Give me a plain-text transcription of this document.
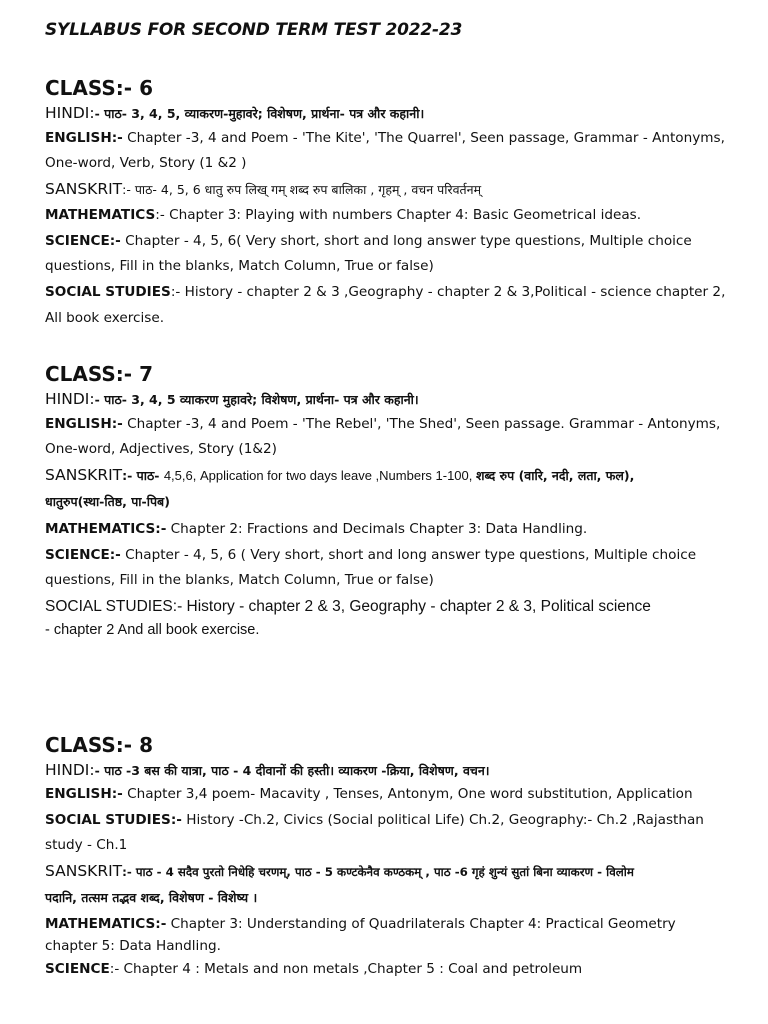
SYLLABUS FOR SECOND TERM TEST 2022-23
CLASS:- 6
HINDI:- पाठ- 3, 4, 5, व्याकरण-मुहावरे; विशेषण, प्रार्थना- पत्र और कहानी।
ENGLISH:- Chapter -3, 4 and Poem - 'The Kite', 'The Quarrel', Seen passage, Grammar - Antonyms,
One-word, Verb, Story (1 &2 )
SANSKRIT:- पाठ- 4, 5, 6 धातु रुप लिख् गम् शब्द रुप बालिका , गृहम् , वचन परिवर्तनम्
MATHEMATICS:- Chapter 3: Playing with numbers Chapter 4: Basic Geometrical ideas.
SCIENCE:- Chapter - 4, 5, 6( Very short, short and long answer type questions, Multiple choice
questions, Fill in the blanks, Match Column, True or false)
SOCIAL STUDIES:- History - chapter 2 & 3 ,Geography - chapter 2 & 3,Political - science chapter 2,
All book exercise.
CLASS:- 7
HINDI:- पाठ- 3, 4, 5 व्याकरण मुहावरे; विशेषण, प्रार्थना- पत्र और कहानी।
ENGLISH:- Chapter -3, 4 and Poem - 'The Rebel', 'The Shed', Seen passage. Grammar - Antonyms,
One-word, Adjectives, Story (1&2)
SANSKRIT:- पाठ- 4,5,6, Application for two days leave ,Numbers 1-100, शब्द रुप (वारि, नदी, लता, फल),
धातुरुप(स्था-तिष्ठ, पा-पिब)
MATHEMATICS:- Chapter 2: Fractions and Decimals Chapter 3: Data Handling.
SCIENCE:- Chapter - 4, 5, 6 ( Very short, short and long answer type questions, Multiple choice
questions, Fill in the blanks, Match Column, True or false)
SOCIAL STUDIES:- History - chapter 2 & 3, Geography - chapter 2 & 3, Political science
- chapter 2 And all book exercise.
CLASS:- 8
HINDI:- पाठ -3 बस की यात्रा, पाठ - 4 दीवानों की हस्ती। व्याकरण -क्रिया, विशेषण, वचन।
ENGLISH:- Chapter 3,4 poem- Macavity , Tenses, Antonym, One word substitution, Application
SOCIAL STUDIES:- History -Ch.2, Civics (Social political Life) Ch.2, Geography:- Ch.2 ,Rajasthan
study - Ch.1
SANSKRIT:- पाठ - 4 सदैव पुरतो निधेहि चरणम्, पाठ - 5 कण्टकेनैव कण्ठकम् , पाठ -6 गृहं शुन्यं सुतां बिना व्याकरण - विलोम
पदानि, तत्सम तद्भव शब्द, विशेषण - विशेष्य ।
MATHEMATICS:- Chapter 3: Understanding of Quadrilaterals Chapter 4: Practical Geometry
chapter 5: Data Handling.
SCIENCE:- Chapter 4 : Metals and non metals ,Chapter 5 : Coal and petroleum
